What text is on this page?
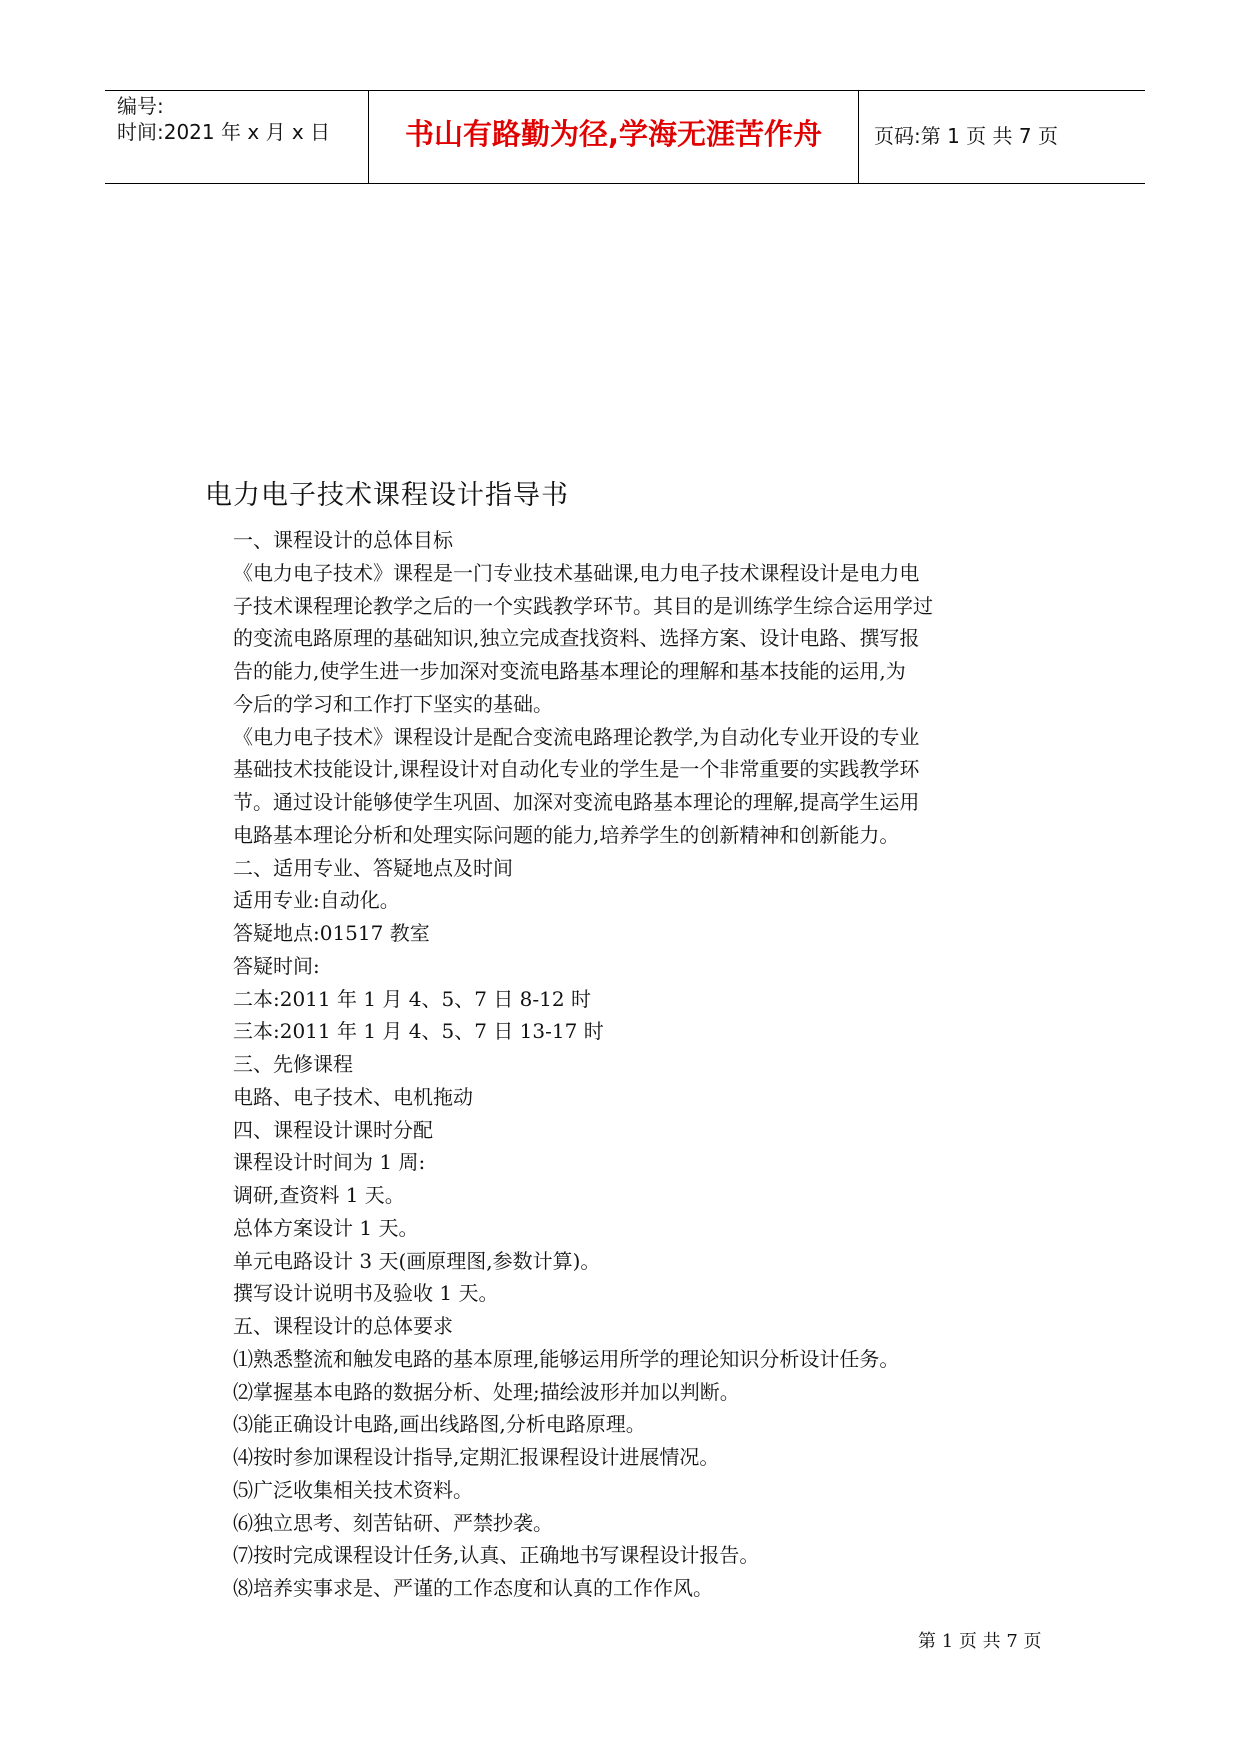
编号:
时间:2021 年 x 月 x 日	书山有路勤为径,学海无涯苦作舟	页码:第 1 页 共 7 页
电力电子技术课程设计指导书
一、课程设计的总体目标
《电力电子技术》课程是一门专业技术基础课,电力电子技术课程设计是电力电
子技术课程理论教学之后的一个实践教学环节。其目的是训练学生综合运用学过
的变流电路原理的基础知识,独立完成查找资料、选择方案、设计电路、撰写报
告的能力,使学生进一步加深对变流电路基本理论的理解和基本技能的运用,为
今后的学习和工作打下坚实的基础。
《电力电子技术》课程设计是配合变流电路理论教学,为自动化专业开设的专业
基础技术技能设计,课程设计对自动化专业的学生是一个非常重要的实践教学环
节。通过设计能够使学生巩固、加深对变流电路基本理论的理解,提高学生运用
电路基本理论分析和处理实际问题的能力,培养学生的创新精神和创新能力。
二、适用专业、答疑地点及时间
适用专业:自动化。
答疑地点:01517 教室
答疑时间:
二本:2011 年 1 月 4、5、7 日 8-12 时
三本:2011 年 1 月 4、5、7 日 13-17 时
三、先修课程
电路、电子技术、电机拖动
四、课程设计课时分配
课程设计时间为 1 周:
调研,查资料 1 天。
总体方案设计 1 天。
单元电路设计 3 天(画原理图,参数计算)。
撰写设计说明书及验收 1 天。
五、课程设计的总体要求
⑴熟悉整流和触发电路的基本原理,能够运用所学的理论知识分析设计任务。
⑵掌握基本电路的数据分析、处理;描绘波形并加以判断。
⑶能正确设计电路,画出线路图,分析电路原理。
⑷按时参加课程设计指导,定期汇报课程设计进展情况。
⑸广泛收集相关技术资料。
⑹独立思考、刻苦钻研、严禁抄袭。
⑺按时完成课程设计任务,认真、正确地书写课程设计报告。
⑻培养实事求是、严谨的工作态度和认真的工作作风。
第 1 页 共 7 页
